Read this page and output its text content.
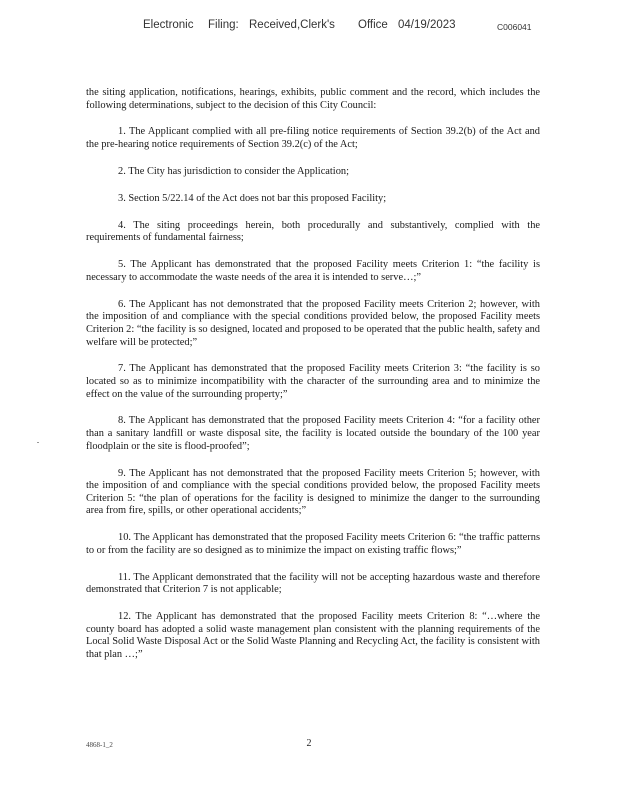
Electronic Filing: Received,Clerk's Office 04/19/2023	C006041

the siting application, notifications, hearings, exhibits, public comment and the record, which includes the following determinations, subject to the decision of this City Council:

1. The Applicant complied with all pre-filing notice requirements of Section 39.2(b) of the Act and the pre-hearing notice requirements of Section 39.2(c) of the Act;

2. The City has jurisdiction to consider the Application;

3. Section 5/22.14 of the Act does not bar this proposed Facility;

4. The siting proceedings herein, both procedurally and substantively, complied with the requirements of fundamental fairness;

5. The Applicant has demonstrated that the proposed Facility meets Criterion 1: “the facility is necessary to accommodate the waste needs of the area it is intended to serve…;”

6. The Applicant has not demonstrated that the proposed Facility meets Criterion 2; however, with the imposition of and compliance with the special conditions provided below, the proposed Facility meets Criterion 2: “the facility is so designed, located and proposed to be operated that the public health, safety and welfare will be protected;”

7. The Applicant has demonstrated that the proposed Facility meets Criterion 3: “the facility is so located so as to minimize incompatibility with the character of the surrounding area and to minimize the effect on the value of the surrounding property;”

8. The Applicant has demonstrated that the proposed Facility meets Criterion 4: “for a facility other than a sanitary landfill or waste disposal site, the facility is located outside the boundary of the 100 year floodplain or the site is flood-proofed”;

9. The Applicant has not demonstrated that the proposed Facility meets Criterion 5; however, with the imposition of and compliance with the special conditions provided below, the proposed Facility meets Criterion 5: “the plan of operations for the facility is designed to minimize the danger to the surrounding area from fire, spills, or other operational accidents;”

10. The Applicant has demonstrated that the proposed Facility meets Criterion 6: “the traffic patterns to or from the facility are so designed as to minimize the impact on existing traffic flows;”

11. The Applicant demonstrated that the facility will not be accepting hazardous waste and therefore demonstrated that Criterion 7 is not applicable;

12. The Applicant has demonstrated that the proposed Facility meets Criterion 8: “…where the county board has adopted a solid waste management plan consistent with the planning requirements of the Local Solid Waste Disposal Act or the Solid Waste Planning and Recycling Act, the facility is consistent with that plan …;”

4868-1_2	2
